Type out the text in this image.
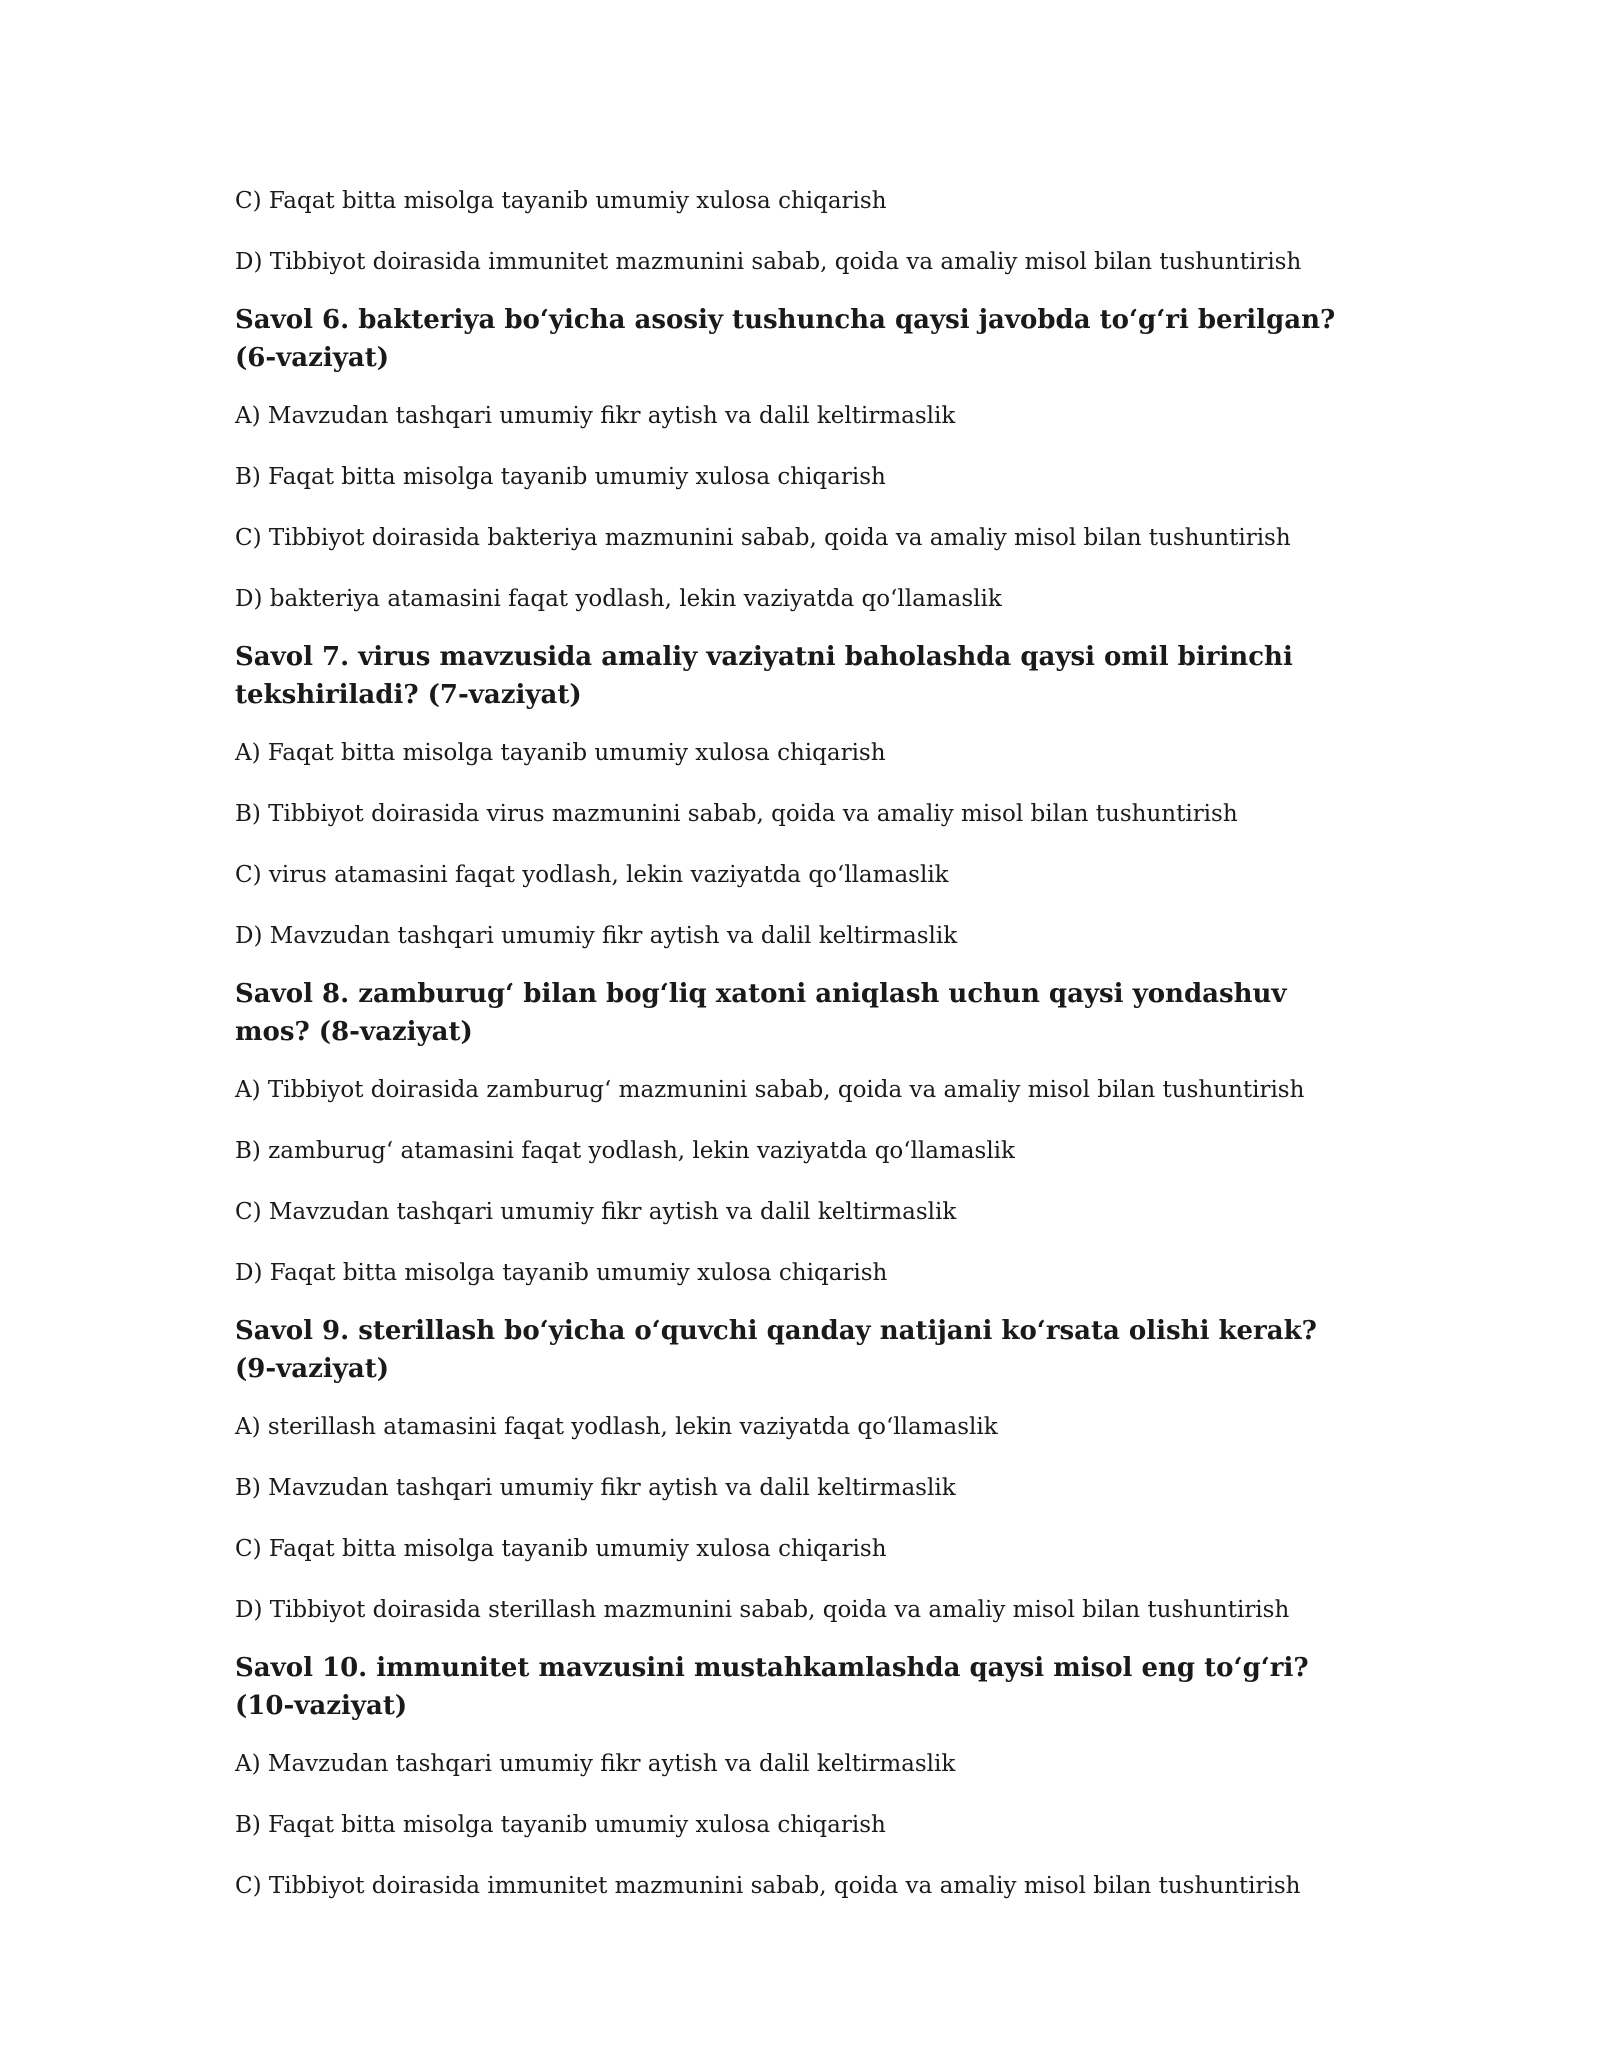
C) Faqat bitta misolga tayanib umumiy xulosa chiqarish
D) Tibbiyot doirasida immunitet mazmunini sabab, qoida va amaliy misol bilan tushuntirish
Savol 6. bakteriya bo‘yicha asosiy tushuncha qaysi javobda to‘g‘ri berilgan? (6-vaziyat)
A) Mavzudan tashqari umumiy fikr aytish va dalil keltirmaslik
B) Faqat bitta misolga tayanib umumiy xulosa chiqarish
C) Tibbiyot doirasida bakteriya mazmunini sabab, qoida va amaliy misol bilan tushuntirish
D) bakteriya atamasini faqat yodlash, lekin vaziyatda qo‘llamaslik
Savol 7. virus mavzusida amaliy vaziyatni baholashda qaysi omil birinchi tekshiriladi? (7-vaziyat)
A) Faqat bitta misolga tayanib umumiy xulosa chiqarish
B) Tibbiyot doirasida virus mazmunini sabab, qoida va amaliy misol bilan tushuntirish
C) virus atamasini faqat yodlash, lekin vaziyatda qo‘llamaslik
D) Mavzudan tashqari umumiy fikr aytish va dalil keltirmaslik
Savol 8. zamburug‘ bilan bog‘liq xatoni aniqlash uchun qaysi yondashuv mos? (8-vaziyat)
A) Tibbiyot doirasida zamburug‘ mazmunini sabab, qoida va amaliy misol bilan tushuntirish
B) zamburug‘ atamasini faqat yodlash, lekin vaziyatda qo‘llamaslik
C) Mavzudan tashqari umumiy fikr aytish va dalil keltirmaslik
D) Faqat bitta misolga tayanib umumiy xulosa chiqarish
Savol 9. sterillash bo‘yicha o‘quvchi qanday natijani ko‘rsata olishi kerak? (9-vaziyat)
A) sterillash atamasini faqat yodlash, lekin vaziyatda qo‘llamaslik
B) Mavzudan tashqari umumiy fikr aytish va dalil keltirmaslik
C) Faqat bitta misolga tayanib umumiy xulosa chiqarish
D) Tibbiyot doirasida sterillash mazmunini sabab, qoida va amaliy misol bilan tushuntirish
Savol 10. immunitet mavzusini mustahkamlashda qaysi misol eng to‘g‘ri? (10-vaziyat)
A) Mavzudan tashqari umumiy fikr aytish va dalil keltirmaslik
B) Faqat bitta misolga tayanib umumiy xulosa chiqarish
C) Tibbiyot doirasida immunitet mazmunini sabab, qoida va amaliy misol bilan tushuntirish
